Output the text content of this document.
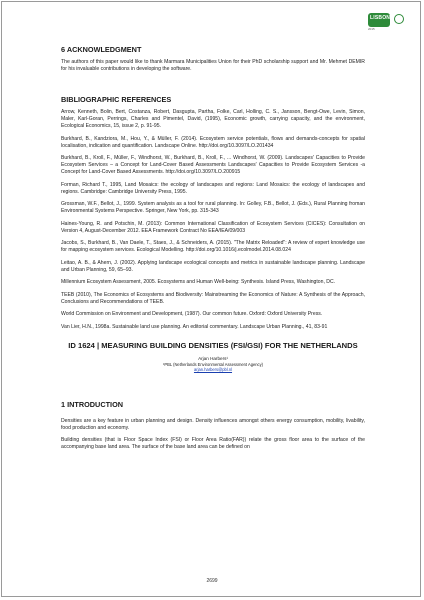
LISBON
2015
6 ACKNOWLEDGMENT

The authors of this paper would like to thank Marmara Municipalities Union for their PhD scholarship support and Mr. Mehmet DEMIR for his invaluable contributions in developing the software.

BIBLIOGRAPHIC REFERENCES

Arrow, Kenneth, Bolin, Bert, Costanza, Robert, Dasgupta, Partha, Folke, Carl, Holling, C. S., Jansson, Bengt-Owe, Levin, Simon, Maler, Karl-Goran, Perrings, Charles and Pimentel, David, (1995), Economic growth, carrying capacity, and the environment, Ecological Economics, 15, issue 2, p. 91-95.

Burkhard, B., Kandziora, M., Hou, Y., & Müller, F. (2014). Ecosystem service potentials, flows and demands-concepts for spatial localisation, indication and quantification. Landscape Online. http://doi.org/10.3097/LO.201434

Burkhard, B., Kroll, F., Müller, F., Windhorst, W., Burkhard, B., Kroll, F., ... Windhorst, W. (2009). Landscapes' Capacities to Provide Ecosystem Services – a Concept for Land-Cover Based Assessments Landscapes' Capacities to Provide Ecosystem Services -a Concept for Land-Cover Based Assessments. http://doi.org/10.3097/LO.200915

Forman, Richard T., 1995, Land Mosaics: the ecology of landscapes and regions: Land Mosaics: the ecology of landscapes and regions. Cambridge: Cambridge University Press, 1995.

Grossman, W.F., Bellot, J., 1999. System analysis as a tool for rural planning. In: Golley, F.B., Bellot, J. (Eds.), Rural Planning froman Environmental Systems Perspective. Springer, New York, pp. 315-343

Haines-Young, R. and Potschin, M. (2013): Common International Classification of Ecosystem Services (CICES): Consultation on Version 4, August-December 2012. EEA Framework Contract No EEA/IEA/09/003

Jacobs, S., Burkhard, B., Van Daele, T., Staes, J., & Schneiders, A. (2015). "The Matrix Reloaded": A review of expert knowledge use for mapping ecosystem services. Ecological Modelling. http://doi.org/10.1016/j.ecolmodel.2014.08.024

Leitao, A. B., & Ahern, J. (2002). Applying landscape ecological concepts and metrics in sustainable landscape planning. Landscape and Urban Planning, 59, 65–93.

Millennium Ecosystem Assessment, 2005. Ecosystems and Human Well-being: Synthesis. Island Press, Washington, DC.

TEEB (2010), The Economics of Ecosystems and Biodiversity: Mainstreaming the Economics of Nature: A Synthesis of the Approach, Conclusions and Recommendations of TEEB.

World Commission on Environment and Development, (1987). Our common future. Oxford: Oxford University Press.

Van Lier, H.N., 1998a. Sustainable land use planning. An editorial commentary. Landscape Urban Planning., 41, 83-91

ID 1624 | MEASURING BUILDING DENSITIES (FSI/GSI) FOR THE NETHERLANDS
Arjan Harbers¹
¹PBL (Netherlands Environmental Assessment Agency)
arjan.harbers@pbl.nl
1 INTRODUCTION

Densities are a key feature in urban planning and design. Density influences amongst others energy consumption, mobility, livability, food production and economy.

Building densities (that is Floor Space Index (FSI) or Floor Area Ratio(FAR)) relate the gross floor area to the surface of the accompanying base land area. The surface of the base land area can be defined on

2699
